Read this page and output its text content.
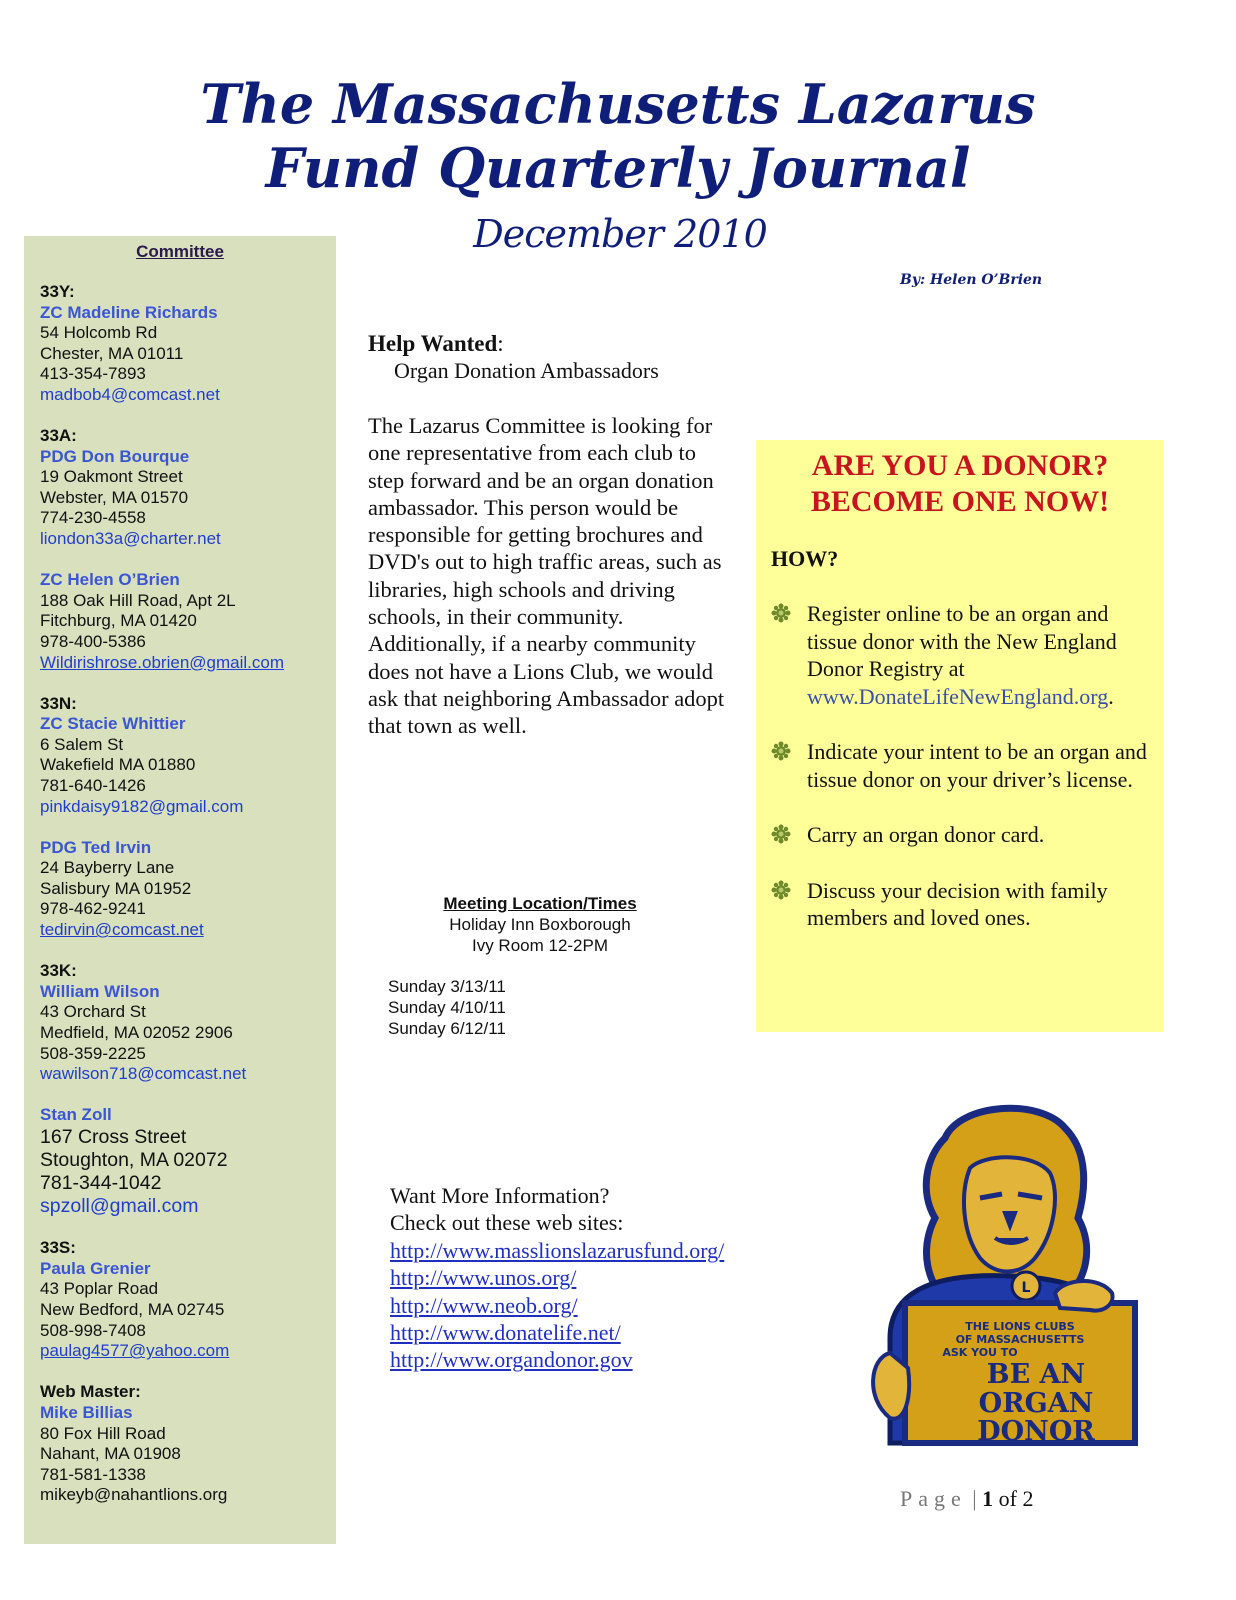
The Massachusetts Lazarus
Fund Quarterly Journal
December 2010
By: Helen O’Brien
Committee
33Y:
ZC Madeline Richards
54 Holcomb Rd
Chester, MA 01011
413-354-7893
madbob4@comcast.net
33A:
PDG Don Bourque
19 Oakmont Street
Webster, MA 01570
774-230-4558
liondon33a@charter.net
ZC Helen O’Brien
188 Oak Hill Road, Apt 2L
Fitchburg, MA 01420
978-400-5386
Wildirishrose.obrien@gmail.com
33N:
ZC Stacie Whittier
6 Salem St
Wakefield MA 01880
781-640-1426
pinkdaisy9182@gmail.com
PDG Ted Irvin
24 Bayberry Lane
Salisbury MA 01952
978-462-9241
tedirvin@comcast.net
33K:
William Wilson
43 Orchard St
Medfield, MA 02052 2906
508-359-2225
wawilson718@comcast.net
Stan Zoll
167 Cross Street
Stoughton, MA 02072
781-344-1042
spzoll@gmail.com
33S:
Paula Grenier
43 Poplar Road
New Bedford, MA 02745
508-998-7408
paulag4577@yahoo.com
Web Master:
Mike Billias
80 Fox Hill Road
Nahant, MA 01908
781-581-1338
mikeyb@nahantlions.org
Help Wanted:
Organ Donation Ambassadors
The Lazarus Committee is looking for one representative from each club to step forward and be an organ donation ambassador. This person would be responsible for getting brochures and DVD's out to high traffic areas, such as libraries, high schools and driving schools, in their community. Additionally, if a nearby community does not have a Lions Club, we would ask that neighboring Ambassador adopt that town as well.
Meeting Location/Times
Holiday Inn Boxborough
Ivy Room 12-2PM
Sunday 3/13/11
Sunday 4/10/11
Sunday 6/12/11
Want More Information?
Check out these web sites:
http://www.masslionslazarusfund.org/
http://www.unos.org/
http://www.neob.org/
http://www.donatelife.net/
http://www.organdonor.gov
ARE YOU A DONOR?
BECOME ONE NOW!
HOW?
Register online to be an organ and tissue donor with the New England Donor Registry at www.DonateLifeNewEngland.org.
Indicate your intent to be an organ and tissue donor on your driver’s license.
Carry an organ donor card.
Discuss your decision with family members and loved ones.
L
THE LIONS CLUBS
OF MASSACHUSETTS
ASK YOU TO
BE AN
ORGAN
DONOR
Page | 1 of 2
